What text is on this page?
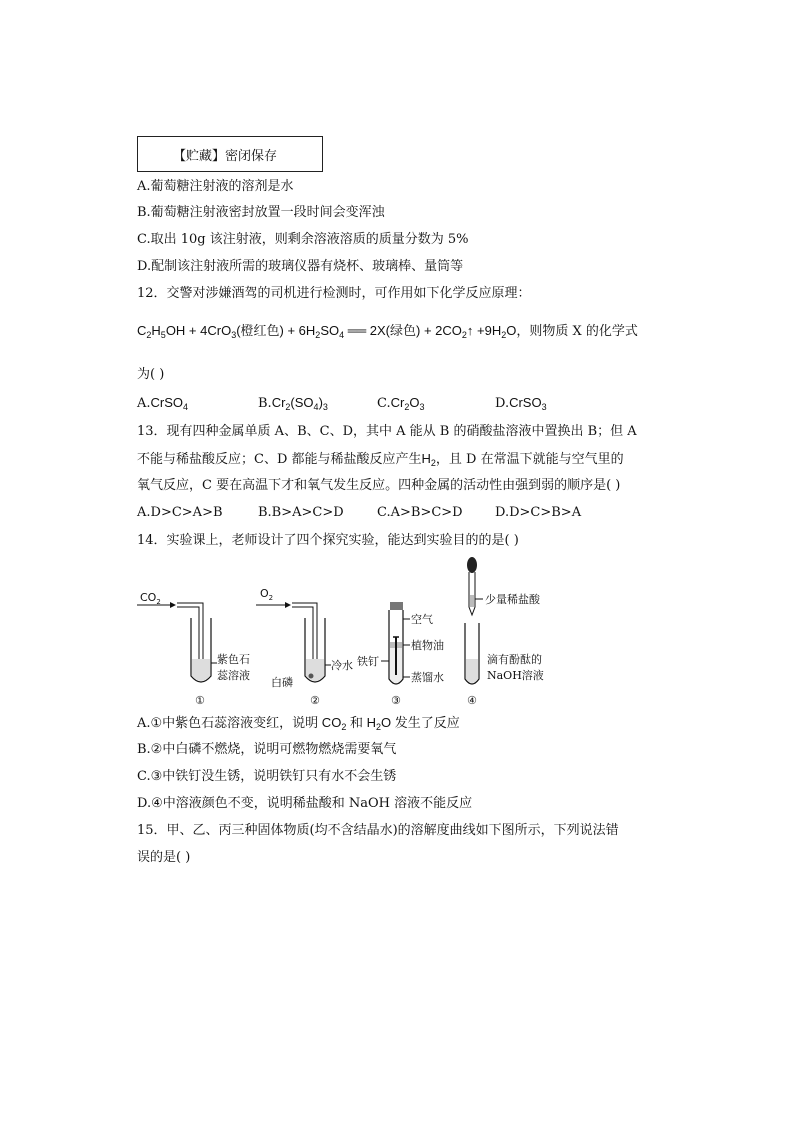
【贮藏】密闭保存
A.葡萄糖注射液的溶剂是水
B.葡萄糖注射液密封放置一段时间会变浑浊
C.取出 10g 该注射液，则剩余溶液溶质的质量分数为 5%
D.配制该注射液所需的玻璃仪器有烧杯、玻璃棒、量筒等
12．交警对涉嫌酒驾的司机进行检测时，可作用如下化学反应原理：
$C_2H_5OH + 4CrO_3$(橙红色) + $6H_2SO_4$ ══ 2X(绿色) + $2CO_2↑ +9H_2O$，则物质 X 的化学式
为( )
A.CrSO$_4$	$B.Cr_2(SO_4)_3$	$C.Cr_2O_3$	D.CrSO$_3$
13．现有四种金属单质 A、B、C、D，其中 A 能从 B 的硝酸盐溶液中置换出 B；但 A
不能与稀盐酸反应；C、D 都能与稀盐酸反应产生$H_2$，且 D 在常温下就能与空气里的
氧气反应，C 要在高温下才和氧气发生反应。四种金属的活动性由强到弱的顺序是( )
A.D>C>A>B	B.B>A>C>D	C.A>B>C>D D.D>C>B>A
14．实验课上，老师设计了四个探究实验，能达到实验目的的是( )
$CO_2$
紫色石
蕊溶液
①
$O_2$
冷水
白磷
②
空气
植物油
铁钉
蒸馏水
③
少量稀盐酸
滴有酚酞的
NaOH溶液
④
A.①中紫色石蕊溶液变红，说明 $CO_2$ 和 $H_2O$ 发生了反应
B.②中白磷不燃烧，说明可燃物燃烧需要氧气
C.③中铁钉没生锈，说明铁钉只有水不会生锈
D.④中溶液颜色不变，说明稀盐酸和 NaOH 溶液不能反应
15．甲、乙、丙三种固体物质(均不含结晶水)的溶解度曲线如下图所示，下列说法错
误的是( )
